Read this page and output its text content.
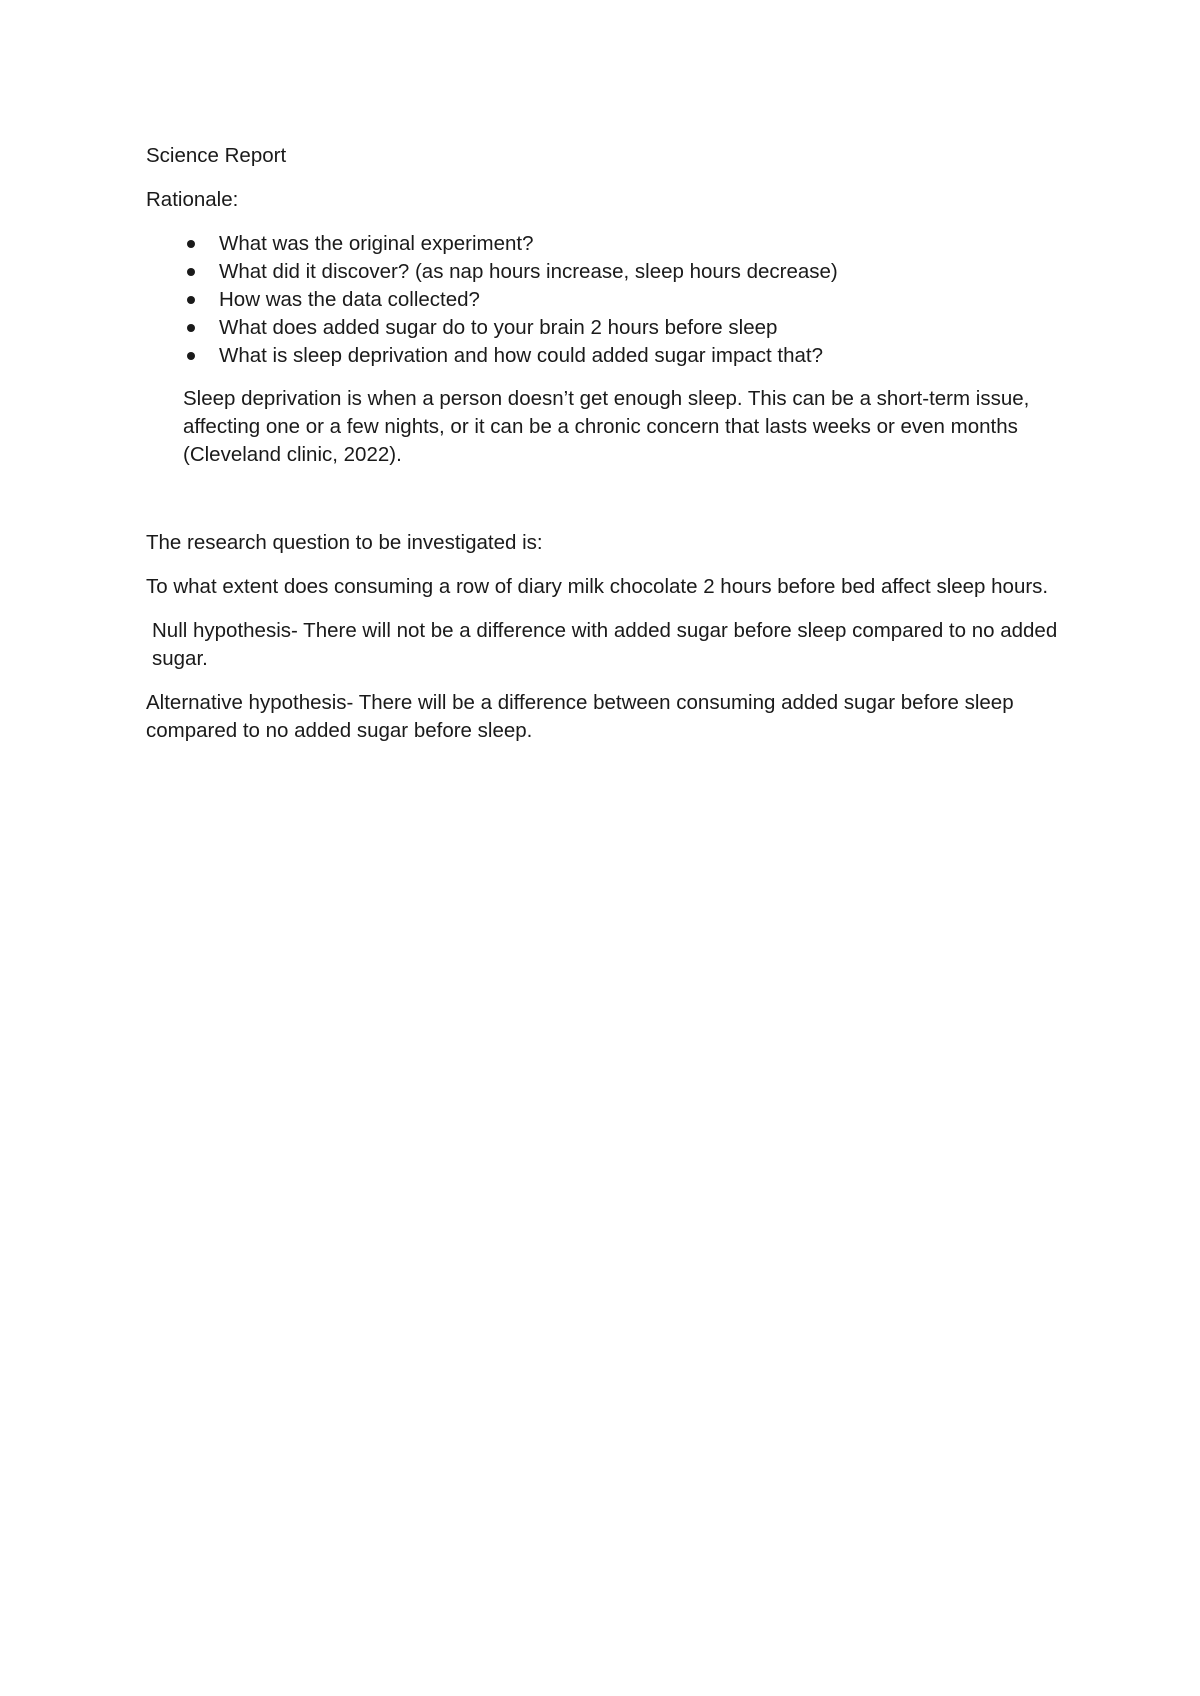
Science Report

Rationale:

What was the original experiment?
What did it discover? (as nap hours increase, sleep hours decrease)
How was the data collected?
What does added sugar do to your brain 2 hours before sleep
What is sleep deprivation and how could added sugar impact that?

Sleep deprivation is when a person doesn’t get enough sleep. This can be a short-term issue, affecting one or a few nights, or it can be a chronic concern that lasts weeks or even months (Cleveland clinic, 2022).

The research question to be investigated is:

To what extent does consuming a row of diary milk chocolate 2 hours before bed affect sleep hours.

Null hypothesis- There will not be a difference with added sugar before sleep compared to no added sugar.

Alternative hypothesis- There will be a difference between consuming added sugar before sleep compared to no added sugar before sleep.
